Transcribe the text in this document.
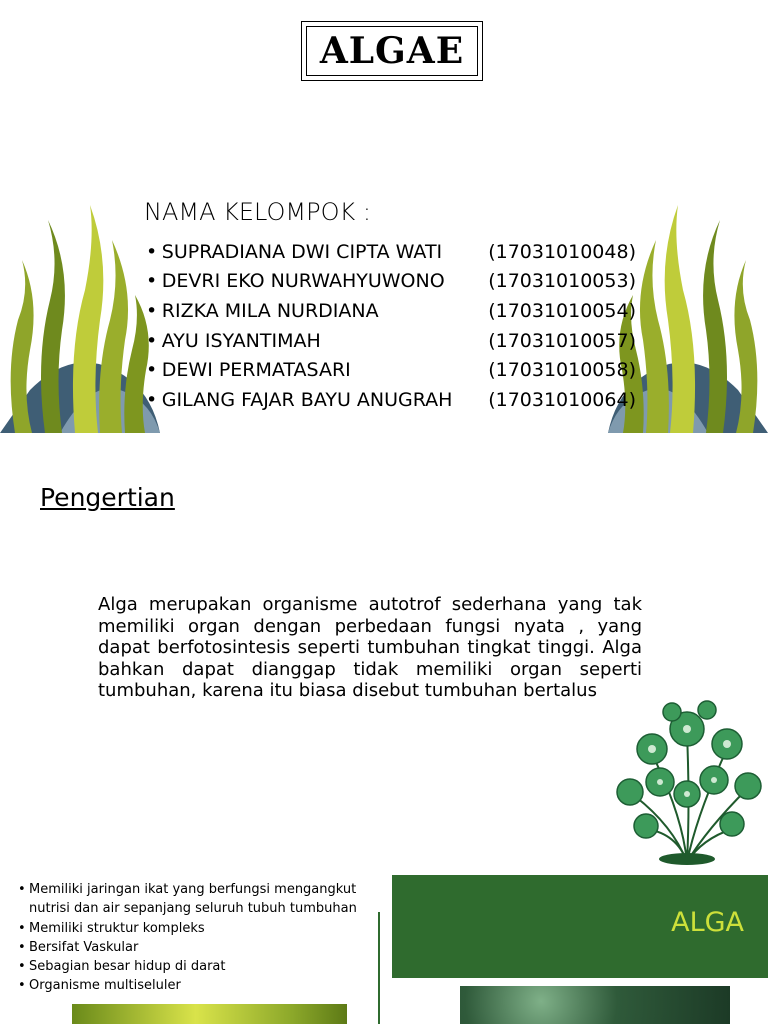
ALGAE
NAMA KELOMPOK :
• SUPRADIANA DWI CIPTA WATI	(17031010048)
• DEVRI EKO NURWAHYUWONO	(17031010053)
• RIZKA MILA NURDIANA	(17031010054)
• AYU ISYANTIMAH	(17031010057)
• DEWI PERMATASARI	(17031010058)
• GILANG FAJAR BAYU ANUGRAH	(17031010064)
Pengertian
Alga merupakan organisme autotrof sederhana yang tak memiliki organ dengan perbedaan fungsi nyata , yang dapat berfotosintesis seperti tumbuhan tingkat tinggi. Alga bahkan dapat dianggap tidak memiliki organ seperti tumbuhan, karena itu biasa disebut tumbuhan bertalus
• Memiliki jaringan ikat yang berfungsi mengangkut nutrisi dan air sepanjang seluruh tubuh tumbuhan
• Memiliki struktur kompleks
• Bersifat Vaskular
• Sebagian besar hidup di darat
• Organisme multiseluler
ALGA
